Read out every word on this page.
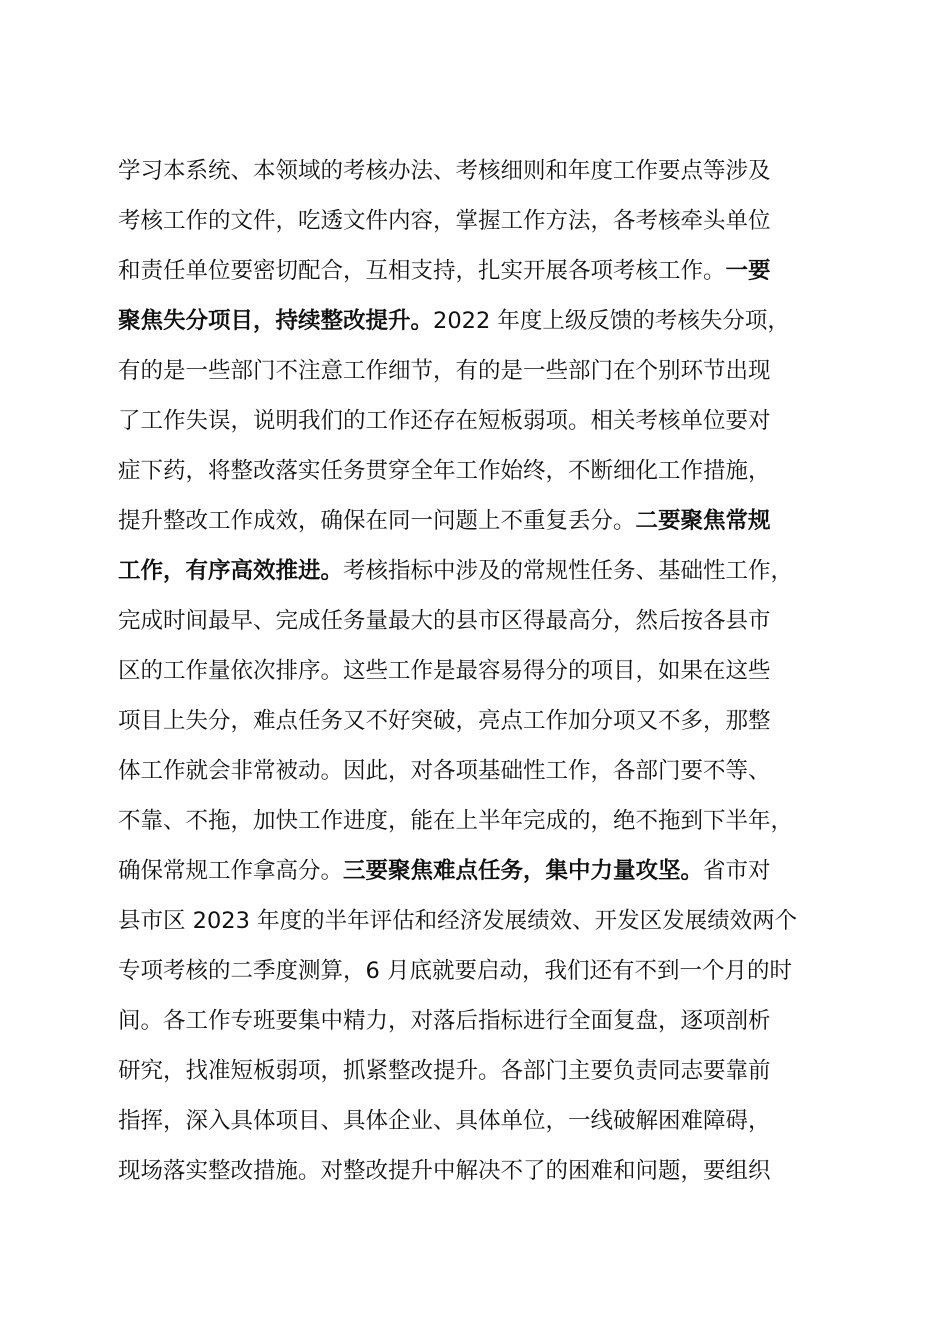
学习本系统、本领域的考核办法、考核细则和年度工作要点等涉及
考核工作的文件，吃透文件内容，掌握工作方法，各考核牵头单位
和责任单位要密切配合，互相支持，扎实开展各项考核工作。一要
聚焦失分项目，持续整改提升。2022 年度上级反馈的考核失分项，
有的是一些部门不注意工作细节，有的是一些部门在个别环节出现
了工作失误，说明我们的工作还存在短板弱项。相关考核单位要对
症下药，将整改落实任务贯穿全年工作始终，不断细化工作措施，
提升整改工作成效，确保在同一问题上不重复丢分。二要聚焦常规
工作，有序高效推进。考核指标中涉及的常规性任务、基础性工作，
完成时间最早、完成任务量最大的县市区得最高分，然后按各县市
区的工作量依次排序。这些工作是最容易得分的项目，如果在这些
项目上失分，难点任务又不好突破，亮点工作加分项又不多，那整
体工作就会非常被动。因此，对各项基础性工作，各部门要不等、
不靠、不拖，加快工作进度，能在上半年完成的，绝不拖到下半年，
确保常规工作拿高分。三要聚焦难点任务，集中力量攻坚。省市对
县市区 2023 年度的半年评估和经济发展绩效、开发区发展绩效两个
专项考核的二季度测算，6 月底就要启动，我们还有不到一个月的时
间。各工作专班要集中精力，对落后指标进行全面复盘，逐项剖析
研究，找准短板弱项，抓紧整改提升。各部门主要负责同志要靠前
指挥，深入具体项目、具体企业、具体单位，一线破解困难障碍，
现场落实整改措施。对整改提升中解决不了的困难和问题，要组织
